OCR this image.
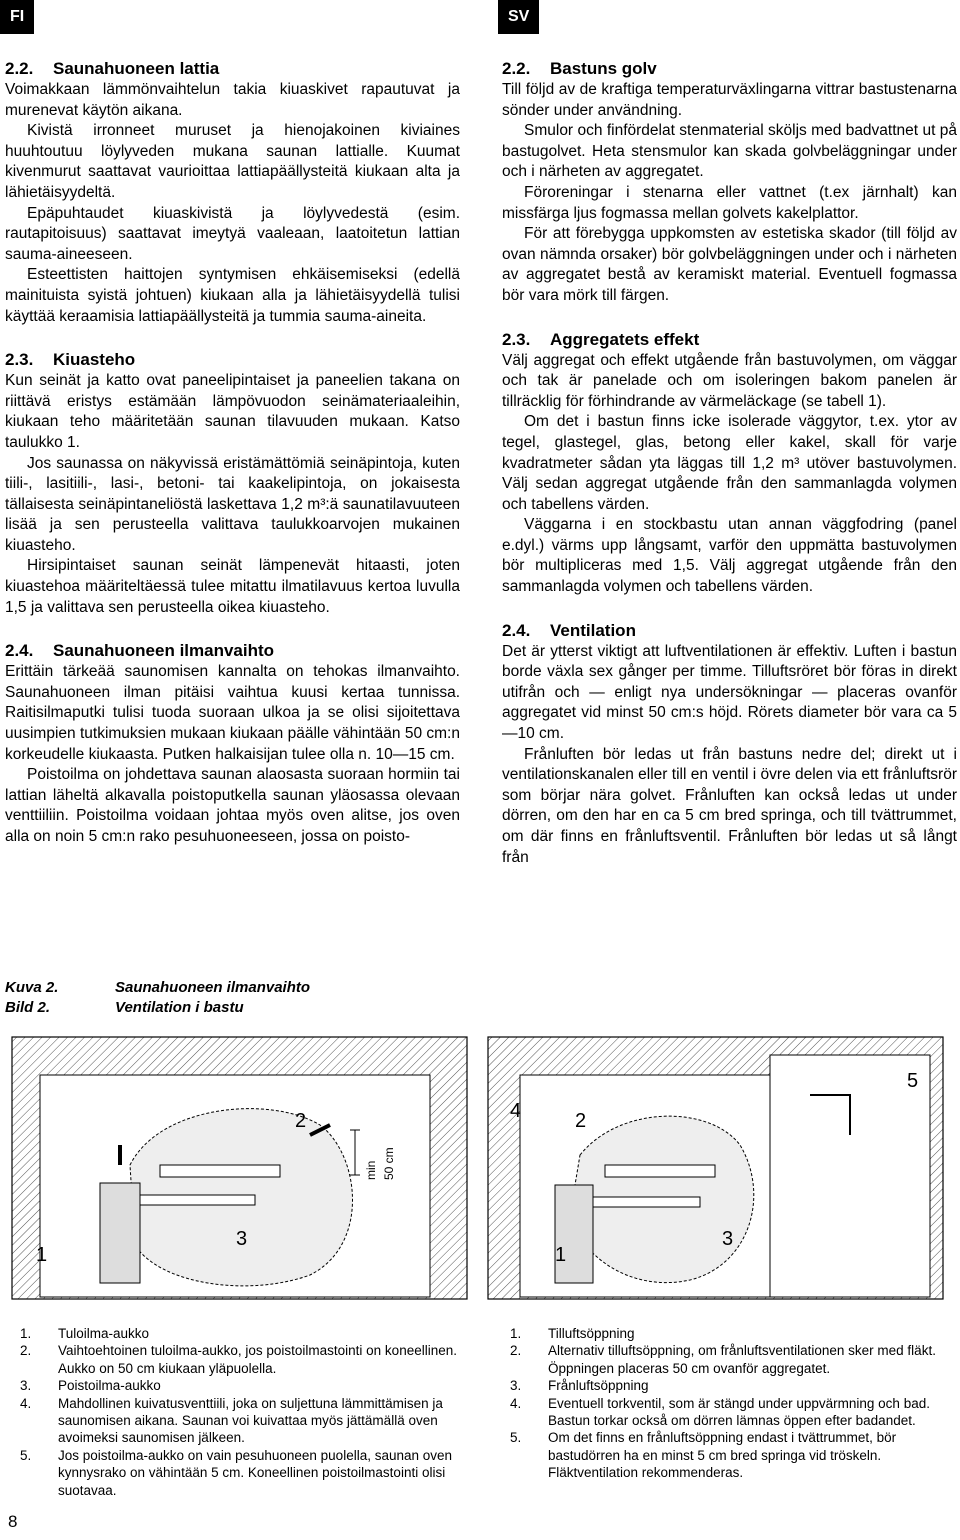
FI	SV
2.2. Saunahuoneen lattia

Voimakkaan lämmönvaihtelun takia kiuaskivet rapautuvat ja murenevat käytön aikana.

Kivistä irronneet muruset ja hienojakoinen kiviaines huuhtoutuu löylyveden mukana saunan lattialle. Kuumat kivenmurut saattavat vaurioittaa lattiapäällysteitä kiukaan alta ja lähietäisyydeltä.

Epäpuhtaudet kiuaskivistä ja löylyvedestä (esim. rautapitoisuus) saattavat imeytyä vaaleaan, laatoitetun lattian sauma-aineeseen.

Esteettisten haittojen syntymisen ehkäisemiseksi (edellä mainituista syistä johtuen) kiukaan alla ja lähietäisyydellä tulisi käyttää keraamisia lattiapäällysteitä ja tummia sauma-aineita.

2.3. Kiuasteho

Kun seinät ja katto ovat paneelipintaiset ja paneelien takana on riittävä eristys estämään lämpövuodon seinämateriaaleihin, kiukaan teho määritetään saunan tilavuuden mukaan. Katso taulukko 1.

Jos saunassa on näkyvissä eristämättömiä seinäpintoja, kuten tiili-, lasitiili-, lasi-, betoni- tai kaakelipintoja, on jokaisesta tällaisesta seinäpintaneliöstä laskettava 1,2 m³:ä saunatilavuuteen lisää ja sen perusteella valittava taulukkoarvojen mukainen kiuasteho.

Hirsipintaiset saunan seinät lämpenevät hitaasti, joten kiuastehoa määriteltäessä tulee mitattu ilmatilavuus kertoa luvulla 1,5 ja valittava sen perusteella oikea kiuasteho.

2.4. Saunahuoneen ilmanvaihto

Erittäin tärkeää saunomisen kannalta on tehokas ilmanvaihto. Saunahuoneen ilman pitäisi vaihtua kuusi kertaa tunnissa. Raitisilmaputki tulisi tuoda suoraan ulkoa ja se olisi sijoitettava uusimpien tutkimuksien mukaan kiukaan päälle vähintään 50 cm:n korkeudelle kiukaasta. Putken halkaisijan tulee olla n. 10—15 cm.

Poistoilma on johdettava saunan alaosasta suoraan hormiin tai lattian läheltä alkavalla poistoputkella saunan yläosassa olevaan venttiiliin. Poistoilma voidaan johtaa myös oven alitse, jos oven alla on noin 5 cm:n rako pesuhuoneeseen, jossa on poisto-

2.2. Bastuns golv

Till följd av de kraftiga temperaturväxlingarna vittrar bastustenarna sönder under användning.

Smulor och finfördelat stenmaterial sköljs med badvattnet ut på bastugolvet. Heta stensmulor kan skada golvbeläggningar under och i närheten av aggregatet.

Föroreningar i stenarna eller vattnet (t.ex järnhalt) kan missfärga ljus fogmassa mellan golvets kakelplattor.

För att förebygga uppkomsten av estetiska skador (till följd av ovan nämnda orsaker) bör golvbeläggningen under och i närheten av aggregatet bestå av keramiskt material. Eventuell fogmassa bör vara mörk till färgen.

2.3. Aggregatets effekt

Välj aggregat och effekt utgående från bastuvolymen, om väggar och tak är panelade och om isoleringen bakom panelen är tillräcklig för förhindrande av värmeläckage (se tabell 1).

Om det i bastun finns icke isolerade väggytor, t.ex. ytor av tegel, glastegel, glas, betong eller kakel, skall för varje kvadratmeter sådan yta läggas till 1,2 m³ utöver bastuvolymen. Välj sedan aggregat utgående från den sammanlagda volymen och tabellens värden.

Väggarna i en stockbastu utan annan väggfodring (panel e.dyl.) värms upp långsamt, varför den uppmätta bastuvolymen bör multipliceras med 1,5. Välj aggregat utgående från den sammanlagda volymen och tabellens värden.

2.4. Ventilation

Det är ytterst viktigt att luftventilationen är effektiv. Luften i bastun borde växla sex gånger per timme. Tilluftsröret bör föras in direkt utifrån och — enligt nya undersökningar — placeras ovanför aggregatet vid minst 50 cm:s höjd. Rörets diameter bör vara ca 5—10 cm.

Frånluften bör ledas ut från bastuns nedre del; direkt ut i ventilationskanalen eller till en ventil i övre delen via ett frånluftsrör som börjar nära golvet. Frånluften kan också ledas ut under dörren, om den har en ca 5 cm bred springa, och till tvättrummet, om där finns en frånluftsventil. Frånluften bör ledas ut så långt från

Kuva 2.	Saunahuoneen ilmanvaihto
Bild 2.	Ventilation i bastu
min 50 cm
1
2
3
1
2
3
4
5
1. Tuloilma-aukko
2. Vaihtoehtoinen tuloilma-aukko, jos poistoilmastointi on koneellinen. Aukko on 50 cm kiukaan yläpuolella.
3. Poistoilma-aukko
4. Mahdollinen kuivatusventtiili, joka on suljettuna lämmittämisen ja saunomisen aikana. Saunan voi kuivattaa myös jättämällä oven avoimeksi saunomisen jälkeen.
5. Jos poistoilma-aukko on vain pesuhuoneen puolella, saunan oven kynnysrako on vähintään 5 cm. Koneellinen poistoilmastointi olisi suotavaa.
1. Tilluftsöppning
2. Alternativ tilluftsöppning, om frånluftsventilationen sker med fläkt. Öppningen placeras 50 cm ovanför aggregatet.
3. Frånluftsöppning
4. Eventuell torkventil, som är stängd under uppvärmning och bad. Bastun torkar också om dörren lämnas öppen efter badandet.
5. Om det finns en frånluftsöppning endast i tvättrummet, bör bastudörren ha en minst 5 cm bred springa vid tröskeln. Fläktventilation rekommenderas.
8
